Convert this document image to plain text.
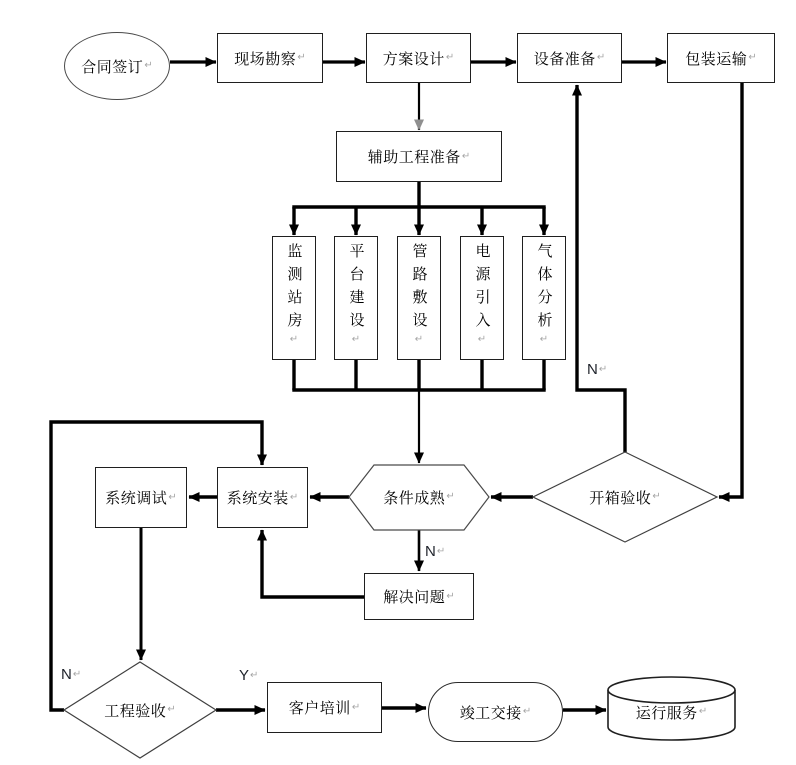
合同签订 ↵	现场勘察 ↵	方案设计 ↵	设备准备 ↵	包装运输 ↵
辅助工程准备 ↵
监测站房
↵
平台建设
↵
管路敷设
↵
电源引入
↵
气体分析
↵
系统调试 ↵	系统安装 ↵	条件成熟 ↵	开箱验收 ↵
解决问题 ↵
工程验收 ↵	客户培训 ↵	竣工交接 ↵	运行服务 ↵
N ↵
N ↵
N ↵	Y ↵
